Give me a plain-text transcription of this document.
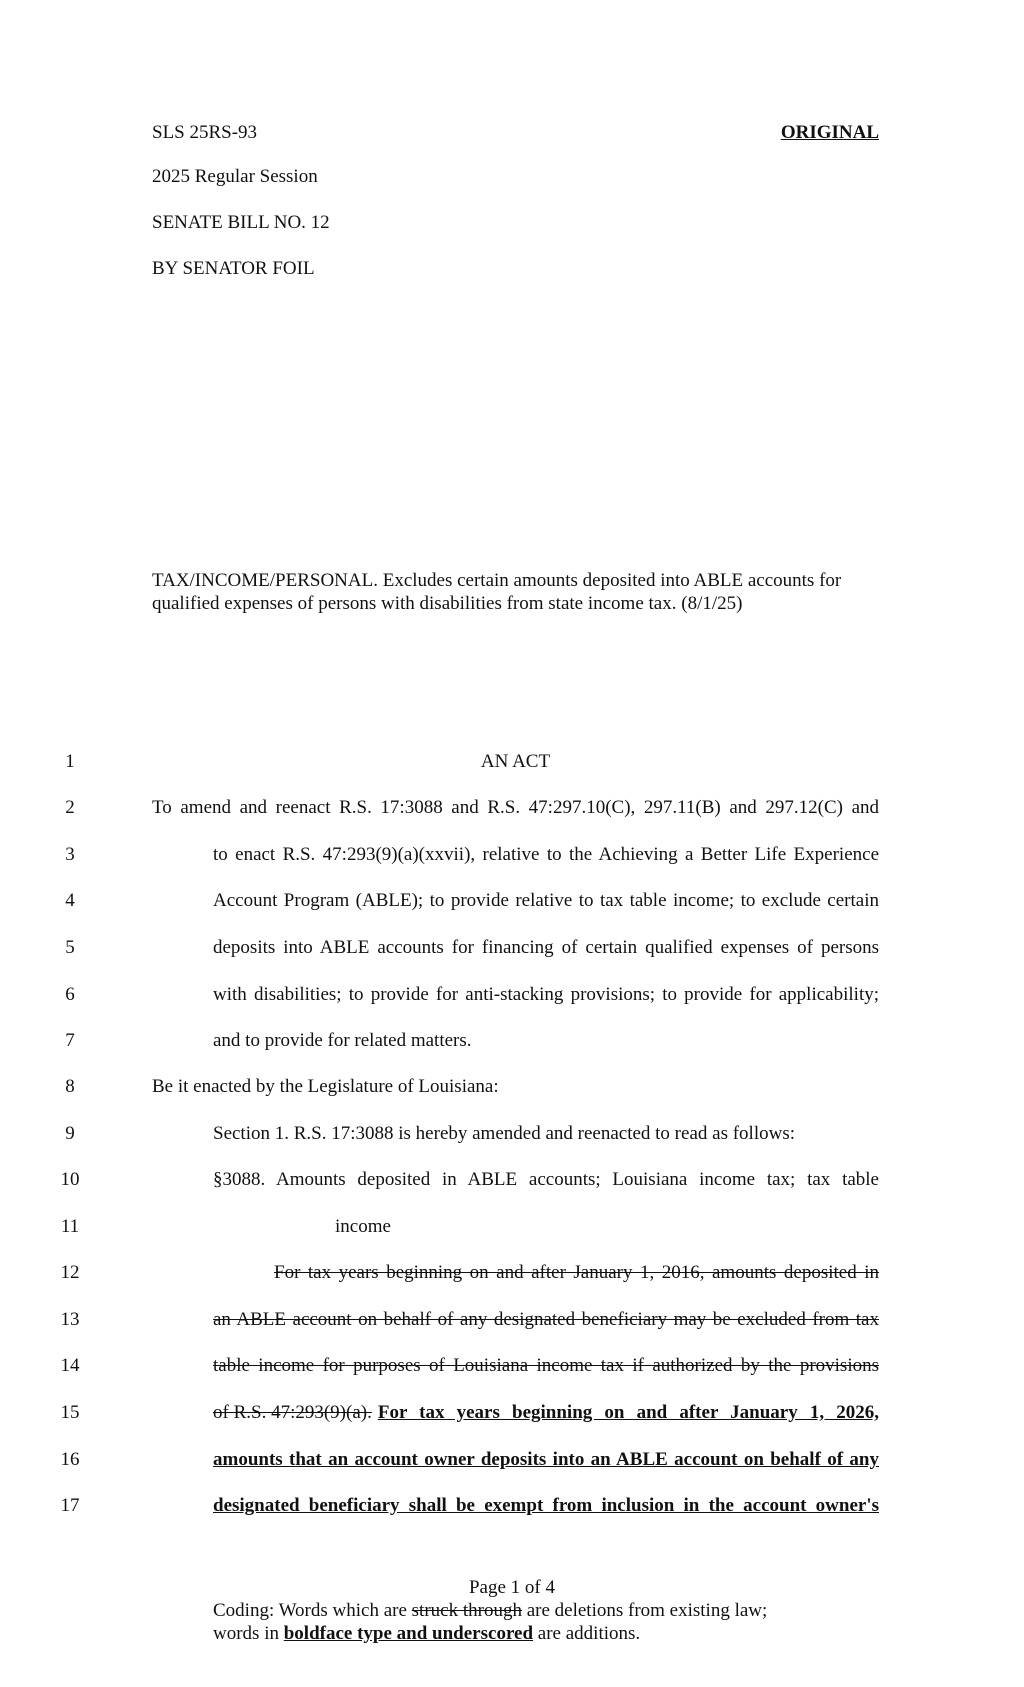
SLS 25RS-93	ORIGINAL
2025 Regular Session
SENATE BILL NO. 12
BY SENATOR FOIL
TAX/INCOME/PERSONAL. Excludes certain amounts deposited into ABLE accounts for
qualified expenses of persons with disabilities from state income tax. (8/1/25)
1
2
3
4
5
6
7
8
9
10
11
12
13
14
15
16
17
AN ACT
To amend and reenact R.S. 17:3088 and R.S. 47:297.10(C), 297.11(B) and 297.12(C) and
to enact R.S. 47:293(9)(a)(xxvii), relative to the Achieving a Better Life Experience
Account Program (ABLE); to provide relative to tax table income; to exclude certain
deposits into ABLE accounts for financing of certain qualified expenses of persons
with disabilities; to provide for anti-stacking provisions; to provide for applicability;
and to provide for related matters.
Be it enacted by the Legislature of Louisiana:
Section 1. R.S. 17:3088 is hereby amended and reenacted to read as follows:
§3088. Amounts deposited in ABLE accounts; Louisiana income tax; tax table
income
For tax years beginning on and after January 1, 2016, amounts deposited in
an ABLE account on behalf of any designated beneficiary may be excluded from tax
table income for purposes of Louisiana income tax if authorized by the provisions
of R.S. 47:293(9)(a). For tax years beginning on and after January 1, 2026,
amounts that an account owner deposits into an ABLE account on behalf of any
designated beneficiary shall be exempt from inclusion in the account owner's
Page 1 of 4
Coding: Words which are struck through are deletions from existing law;
words in boldface type and underscored are additions.
